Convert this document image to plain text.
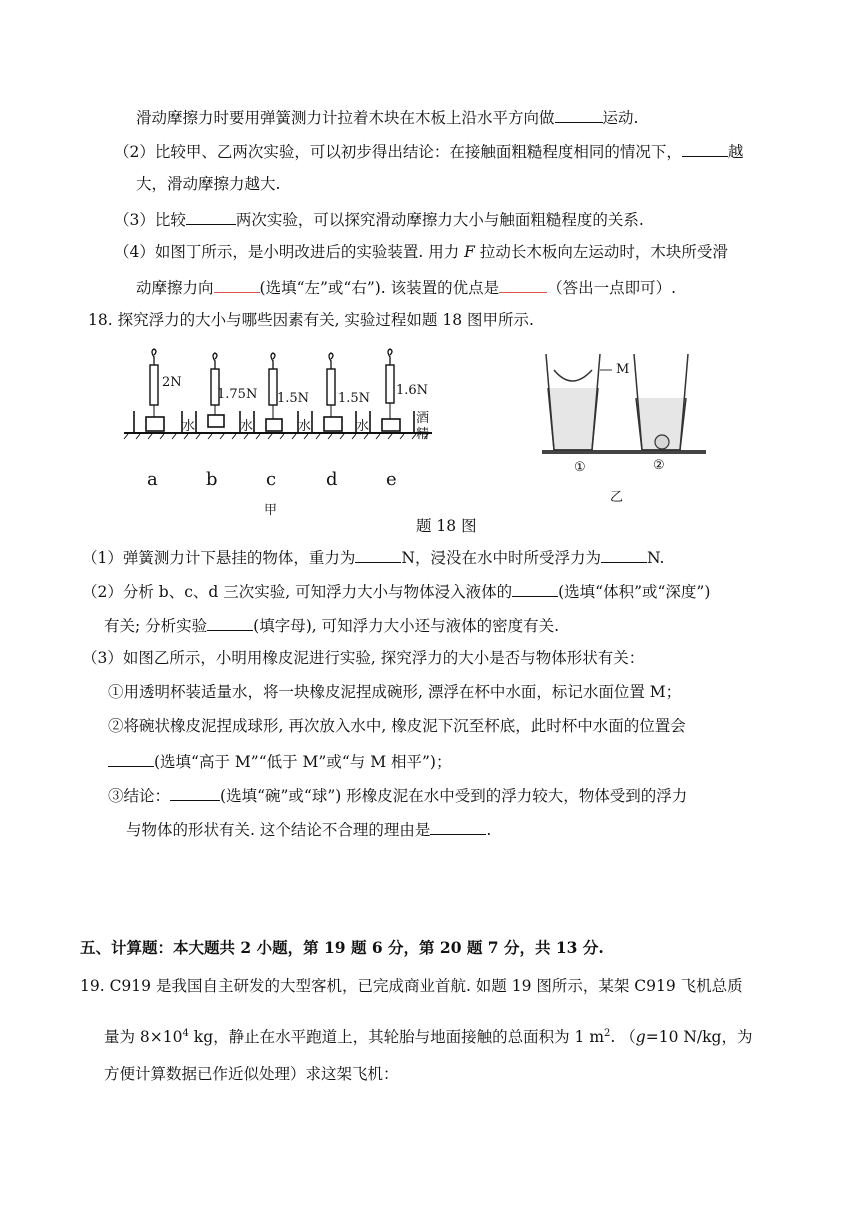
滑动摩擦力时要用弹簧测力计拉着木块在木板上沿水平方向做	运动.
（2）比较甲、乙两次实验，可以初步得出结论：在接触面粗糙程度相同的情况下，	越
大，滑动摩擦力越大.
（3）比较	两次实验，可以探究滑动摩擦力大小与触面粗糙程度的关系.
（4）如图丁所示，是小明改进后的实验装置. 用力 F 拉动长木板向左运动时，木块所受滑
动摩擦力向	(选填“左”或“右”). 该装置的优点是	（答出一点即可）.
18. 探究浮力的大小与哪些因素有关, 实验过程如题 18 图甲所示.
2N
1.75N 1.5N 1.5N
1.6N
水	水	水	水
酒
精
a	b	c	d	e
甲
M
①	②
乙
题 18 图
（1）弹簧测力计下悬挂的物体，重力为	N，浸没在水中时所受浮力为	N.
（2）分析 b、c、d 三次实验, 可知浮力大小与物体浸入液体的	(选填“体积”或“深度”)
有关; 分析实验	(填字母), 可知浮力大小还与液体的密度有关.
（3）如图乙所示，小明用橡皮泥进行实验, 探究浮力的大小是否与物体形状有关：
①用透明杯装适量水，将一块橡皮泥捏成碗形, 漂浮在杯中水面，标记水面位置 M；
②将碗状橡皮泥捏成球形, 再次放入水中, 橡皮泥下沉至杯底，此时杯中水面的位置会
(选填“高于 M”“低于 M”或“与 M 相平”)；
③结论：	(选填“碗”或“球”) 形橡皮泥在水中受到的浮力较大，物体受到的浮力
与物体的形状有关. 这个结论不合理的理由是	.
五、计算题：本大题共 2 小题，第 19 题 6 分，第 20 题 7 分，共 13 分.
19. C919 是我国自主研发的大型客机，已完成商业首航. 如题 19 图所示，某架 C919 飞机总质
量为 $8\times 10^4$ kg，静止在水平跑道上，其轮胎与地面接触的总面积为 1 $m^2$. （g=10 N/kg，为
方便计算数据已作近似处理）求这架飞机：
